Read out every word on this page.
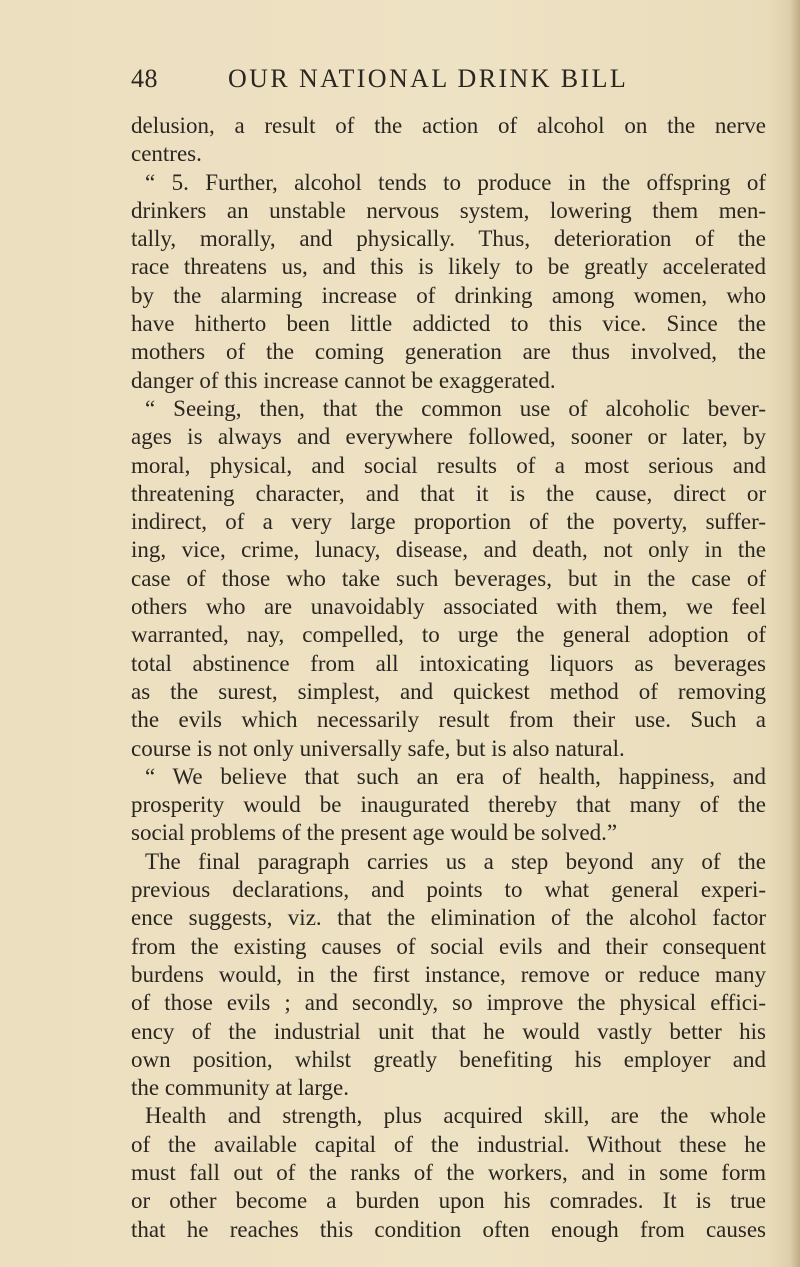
48	OUR NATIONAL DRINK BILL
delusion, a result of the action of alcohol on the nerve
centres.
“ 5. Further, alcohol tends to produce in the offspring of
drinkers an unstable nervous system, lowering them men-
tally, morally, and physically. Thus, deterioration of the
race threatens us, and this is likely to be greatly accelerated
by the alarming increase of drinking among women, who
have hitherto been little addicted to this vice. Since the
mothers of the coming generation are thus involved, the
danger of this increase cannot be exaggerated.
“ Seeing, then, that the common use of alcoholic bever-
ages is always and everywhere followed, sooner or later, by
moral, physical, and social results of a most serious and
threatening character, and that it is the cause, direct or
indirect, of a very large proportion of the poverty, suffer-
ing, vice, crime, lunacy, disease, and death, not only in the
case of those who take such beverages, but in the case of
others who are unavoidably associated with them, we feel
warranted, nay, compelled, to urge the general adoption of
total abstinence from all intoxicating liquors as beverages
as the surest, simplest, and quickest method of removing
the evils which necessarily result from their use. Such a
course is not only universally safe, but is also natural.
“ We believe that such an era of health, happiness, and
prosperity would be inaugurated thereby that many of the
social problems of the present age would be solved.”
The final paragraph carries us a step beyond any of the
previous declarations, and points to what general experi-
ence suggests, viz. that the elimination of the alcohol factor
from the existing causes of social evils and their consequent
burdens would, in the first instance, remove or reduce many
of those evils ; and secondly, so improve the physical effici-
ency of the industrial unit that he would vastly better his
own position, whilst greatly benefiting his employer and
the community at large.
Health and strength, plus acquired skill, are the whole
of the available capital of the industrial. Without these he
must fall out of the ranks of the workers, and in some form
or other become a burden upon his comrades. It is true
that he reaches this condition often enough from causes
